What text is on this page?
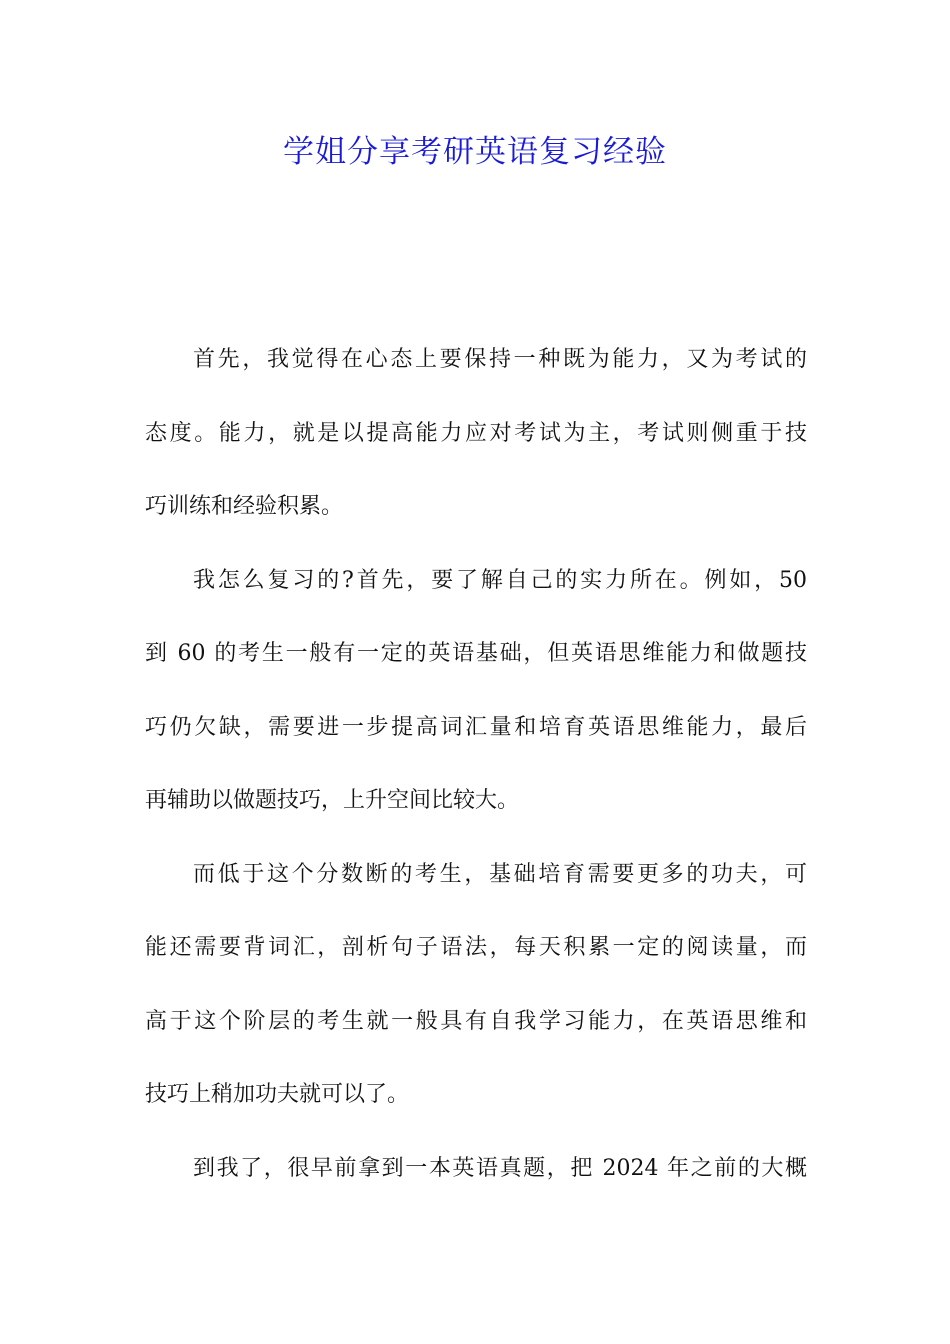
学姐分享考研英语复习经验
首先，我觉得在心态上要保持一种既为能力，又为考试的
态度。能力，就是以提高能力应对考试为主，考试则侧重于技
巧训练和经验积累。
我怎么复习的?首先，要了解自己的实力所在。例如，50
到 60 的考生一般有一定的英语基础，但英语思维能力和做题技
巧仍欠缺，需要进一步提高词汇量和培育英语思维能力，最后
再辅助以做题技巧，上升空间比较大。
而低于这个分数断的考生，基础培育需要更多的功夫，可
能还需要背词汇，剖析句子语法，每天积累一定的阅读量，而
高于这个阶层的考生就一般具有自我学习能力，在英语思维和
技巧上稍加功夫就可以了。
到我了，很早前拿到一本英语真题，把 2024 年之前的大概
